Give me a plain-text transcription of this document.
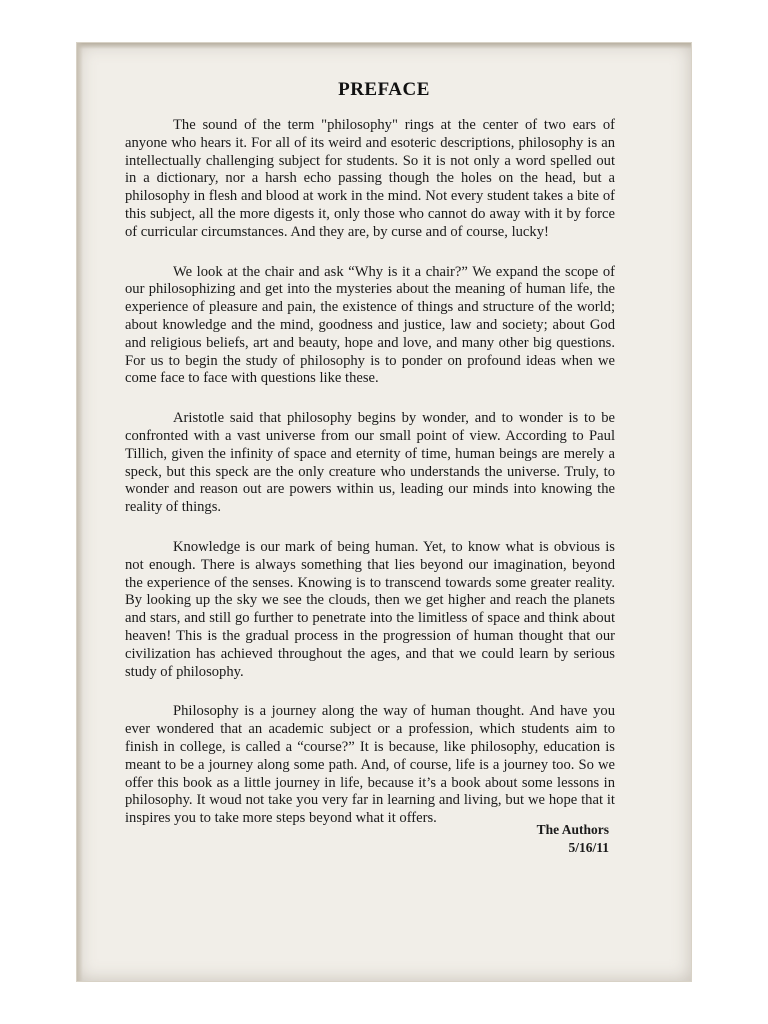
PREFACE

The sound of the term "philosophy" rings at the center of two ears of anyone who hears it. For all of its weird and esoteric descriptions, philosophy is an intellectually challenging subject for students. So it is not only a word spelled out in a dictionary, nor a harsh echo passing though the holes on the head, but a philosophy in flesh and blood at work in the mind. Not every student takes a bite of this subject, all the more digests it, only those who cannot do away with it by force of curricular circumstances. And they are, by curse and of course, lucky!

We look at the chair and ask “Why is it a chair?” We expand the scope of our philosophizing and get into the mysteries about the meaning of human life, the experience of pleasure and pain, the existence of things and structure of the world; about knowledge and the mind, goodness and justice, law and society; about God and religious beliefs, art and beauty, hope and love, and many other big questions. For us to begin the study of philosophy is to ponder on profound ideas when we come face to face with questions like these.

Aristotle said that philosophy begins by wonder, and to wonder is to be confronted with a vast universe from our small point of view. According to Paul Tillich, given the infinity of space and eternity of time, human beings are merely a speck, but this speck are the only creature who understands the universe. Truly, to wonder and reason out are powers within us, leading our minds into knowing the reality of things.

Knowledge is our mark of being human. Yet, to know what is obvious is not enough. There is always something that lies beyond our imagination, beyond the experience of the senses. Knowing is to transcend towards some greater reality. By looking up the sky we see the clouds, then we get higher and reach the planets and stars, and still go further to penetrate into the limitless of space and think about heaven! This is the gradual process in the progression of human thought that our civilization has achieved throughout the ages, and that we could learn by serious study of philosophy.

Philosophy is a journey along the way of human thought. And have you ever wondered that an academic subject or a profession, which students aim to finish in college, is called a “course?” It is because, like philosophy, education is meant to be a journey along some path. And, of course, life is a journey too. So we offer this book as a little journey in life, because it’s a book about some lessons in philosophy. It woud not take you very far in learning and living, but we hope that it inspires you to take more steps beyond what it offers.

The Authors
5/16/11
